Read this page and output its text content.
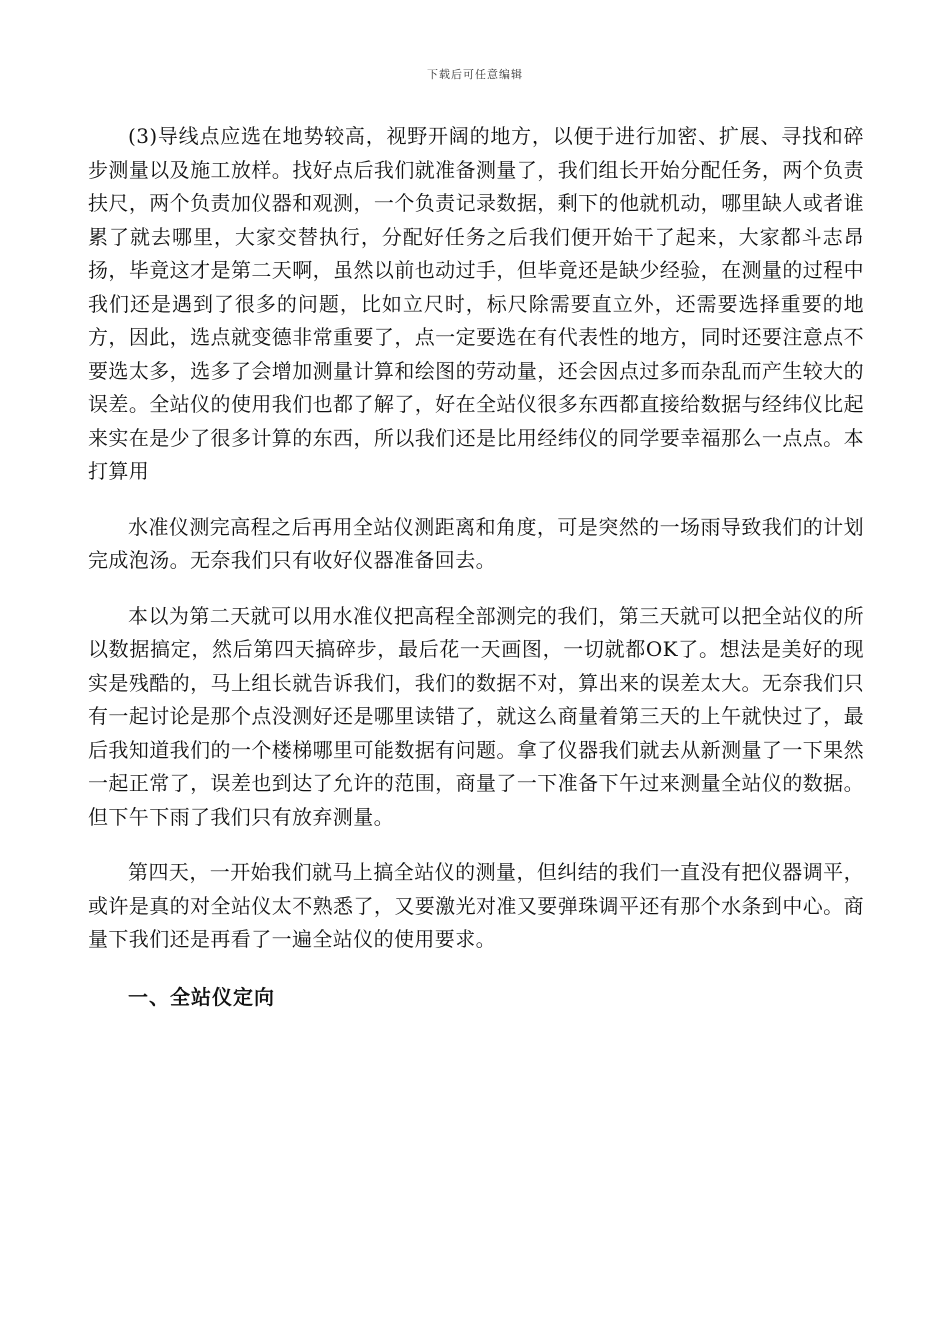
下载后可任意编辑

(3)导线点应选在地势较高，视野开阔的地方，以便于进行加密、扩展、寻找和碎步测量以及施工放样。找好点后我们就准备测量了，我们组长开始分配任务，两个负责扶尺，两个负责加仪器和观测，一个负责记录数据，剩下的他就机动，哪里缺人或者谁累了就去哪里，大家交替执行，分配好任务之后我们便开始干了起来，大家都斗志昂扬，毕竟这才是第二天啊，虽然以前也动过手，但毕竟还是缺少经验，在测量的过程中我们还是遇到了很多的问题，比如立尺时，标尺除需要直立外，还需要选择重要的地方，因此，选点就变德非常重要了，点一定要选在有代表性的地方，同时还要注意点不要选太多，选多了会增加测量计算和绘图的劳动量，还会因点过多而杂乱而产生较大的误差。全站仪的使用我们也都了解了，好在全站仪很多东西都直接给数据与经纬仪比起来实在是少了很多计算的东西，所以我们还是比用经纬仪的同学要幸福那么一点点。本打算用

水准仪测完高程之后再用全站仪测距离和角度，可是突然的一场雨导致我们的计划完成泡汤。无奈我们只有收好仪器准备回去。

本以为第二天就可以用水准仪把高程全部测完的我们，第三天就可以把全站仪的所以数据搞定，然后第四天搞碎步，最后花一天画图，一切就都OK了。想法是美好的现实是残酷的，马上组长就告诉我们，我们的数据不对，算出来的误差太大。无奈我们只有一起讨论是那个点没测好还是哪里读错了，就这么商量着第三天的上午就快过了，最后我知道我们的一个楼梯哪里可能数据有问题。拿了仪器我们就去从新测量了一下果然一起正常了，误差也到达了允许的范围，商量了一下准备下午过来测量全站仪的数据。但下午下雨了我们只有放弃测量。

第四天，一开始我们就马上搞全站仪的测量，但纠结的我们一直没有把仪器调平，或许是真的对全站仪太不熟悉了，又要激光对准又要弹珠调平还有那个水条到中心。商量下我们还是再看了一遍全站仪的使用要求。

一、全站仪定向
